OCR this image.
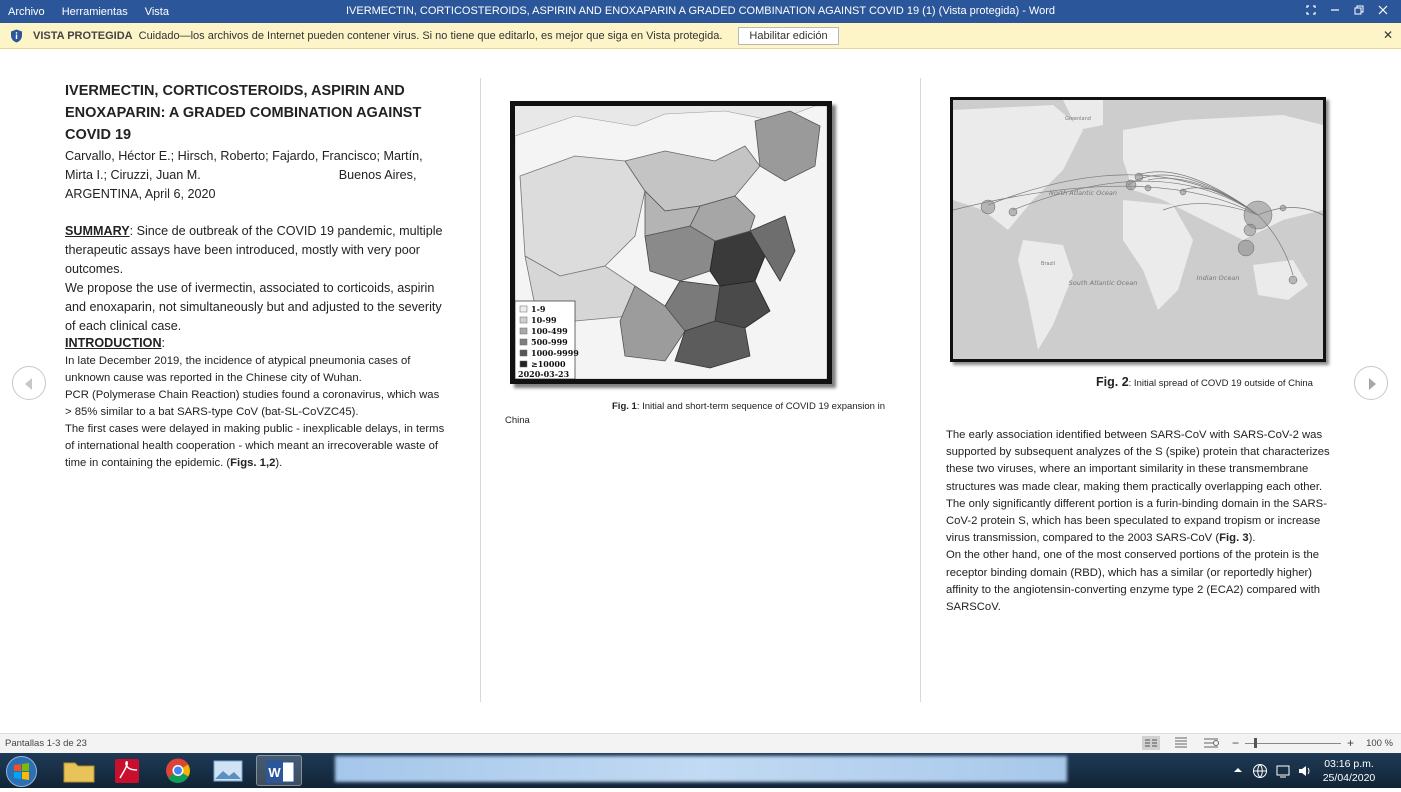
Archivo Herramientas Vista	IVERMECTIN, CORTICOSTEROIDS, ASPIRIN AND ENOXAPARIN A GRADED COMBINATION AGAINST COVID 19 (1) (Vista protegida) - Word
VISTA PROTEGIDA Cuidado—los archivos de Internet pueden contener virus. Si no tiene que editarlo, es mejor que siga en Vista protegida.	Habilitar edición	✕
IVERMECTIN, CORTICOSTEROIDS, ASPIRIN AND ENOXAPARIN: A GRADED COMBINATION AGAINST COVID 19
Carvallo, Héctor E.; Hirsch, Roberto; Fajardo, Francisco; Martín, Mirta I.; Ciruzzi, Juan M.	Buenos Aires,
ARGENTINA, April 6, 2020
SUMMARY: Since de outbreak of the COVID 19 pandemic, multiple therapeutic assays have been introduced, mostly with very poor outcomes.
We propose the use of ivermectin, associated to corticoids, aspirin and enoxaparin, not simultaneously but and adjusted to the severity of each clinical case.
INTRODUCTION:
In late December 2019, the incidence of atypical pneumonia cases of unknown cause was reported in the Chinese city of Wuhan.
PCR (Polymerase Chain Reaction) studies found a coronavirus, which was > 85% similar to a bat SARS-type CoV (bat-SL-CoVZC45).
The first cases were delayed in making public - inexplicable delays, in terms of international health cooperation - which meant an irrecoverable waste of time in containing the epidemic. (Figs. 1,2).
1-9
10-99
100-499
500-999
1000-9999
≥10000
2020-03-23
Fig. 1: Initial and short-term sequence of COVID 19 expansion in China
North Atlantic Ocean
South Atlantic Ocean
Indian Ocean
Greenland
Brazil
Fig. 2: Initial spread of COVD 19 outside of China
The early association identified between SARS-CoV with SARS-CoV-2 was supported by subsequent analyzes of the S (spike) protein that characterizes these two viruses, where an important similarity in these transmembrane structures was made clear, making them practically overlapping each other.
The only significantly different portion is a furin-binding domain in the SARS-CoV-2 protein S, which has been speculated to expand tropism or increase virus transmission, compared to the 2003 SARS-CoV (Fig. 3).
On the other hand, one of the most conserved portions of the protein is the receptor binding domain (RBD), which has a similar (or reportedly higher) affinity to the angiotensin-converting enzyme type 2 (ECA2) compared with SARSCoV.
Pantallas 1-3 de 23	−	+ 100 %
W
03:16 p.m.
25/04/2020
